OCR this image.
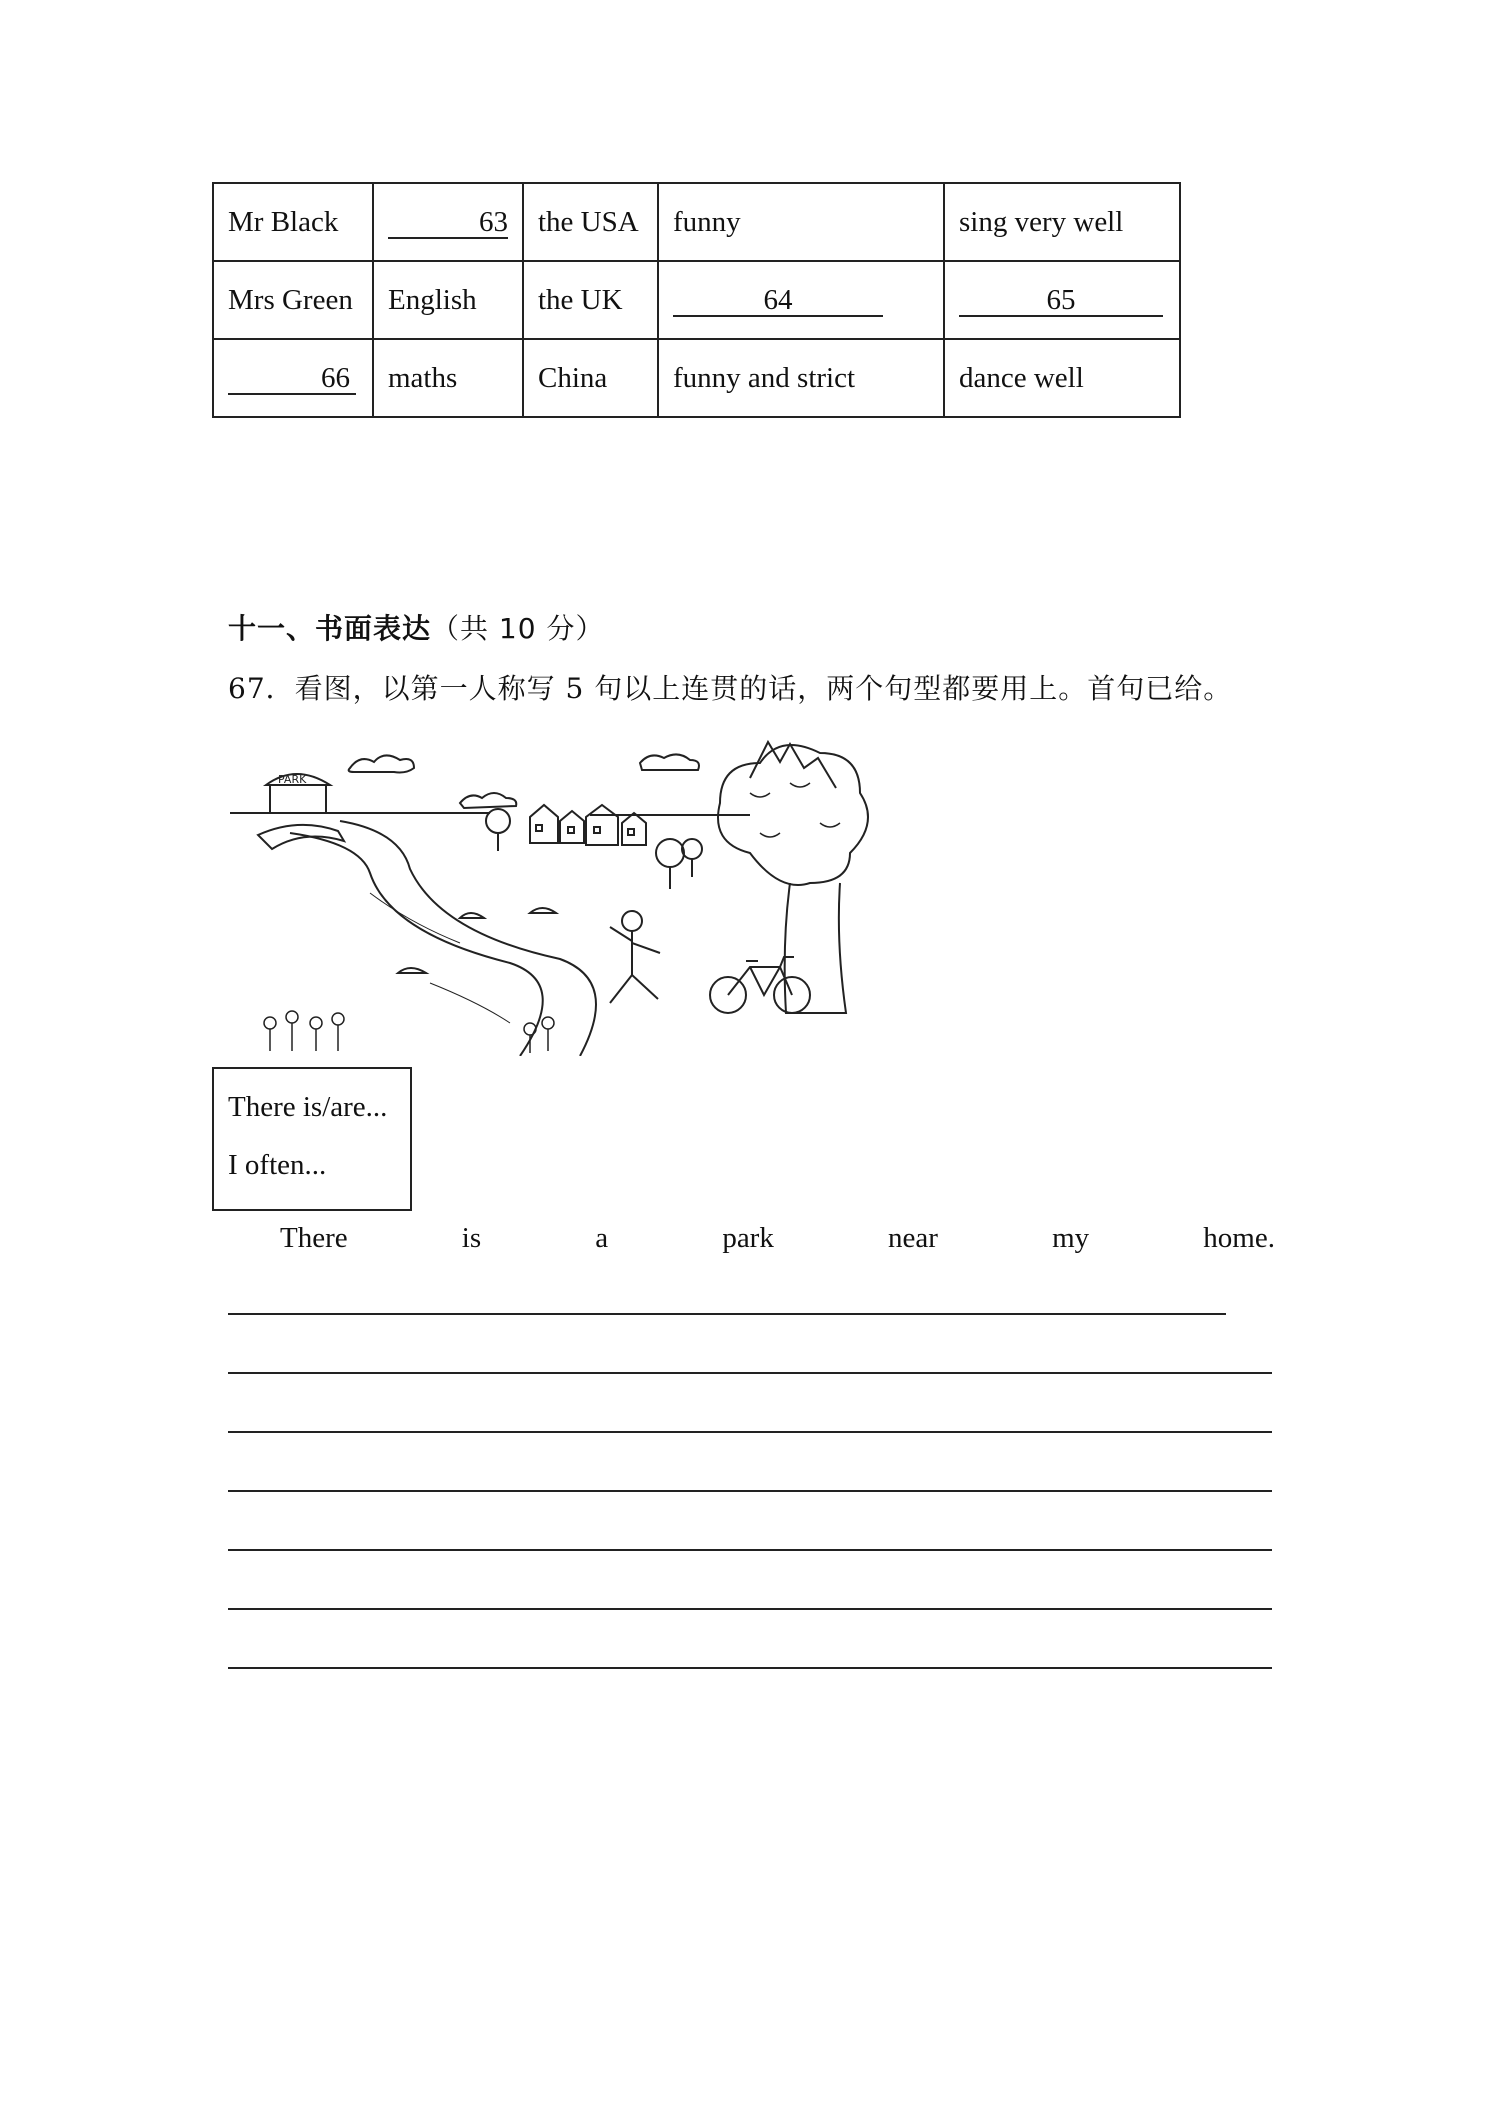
Mr Black	63	the USA	funny	sing very well
Mrs Green	English	the UK	64	65
66	maths	China	funny and strict	dance well
十一、书面表达（共 10 分）
67．看图，以第一人称写 5 句以上连贯的话，两个句型都要用上。首句已给。
PARK
There is/are...
I often...
There	is	a	park	near	my	home.
